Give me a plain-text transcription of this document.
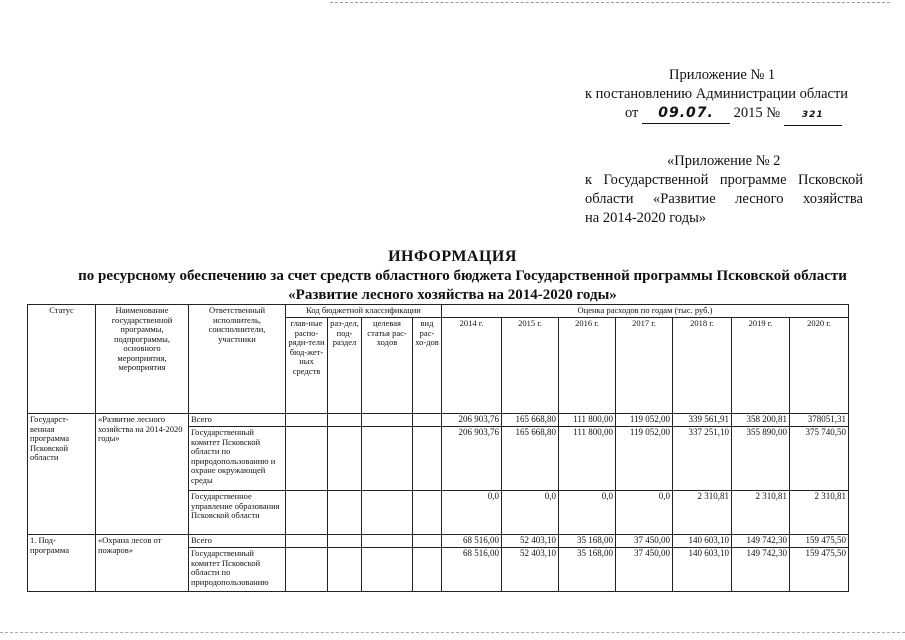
Приложение № 1
к постановлению Администрации области
от 09.07. 2015 № 321
«Приложение № 2
к Государственной программе Псковской
области «Развитие лесного хозяйства
на 2014-2020 годы»
ИНФОРМАЦИЯ
по ресурсному обеспечению за счет средств областного бюджета Государственной программы Псковской области
«Развитие лесного хозяйства на 2014-2020 годы»
Статус	Наименование государственной программы, подпрограммы, основного мероприятия, мероприятия	Ответственный исполнитель, соисполнители, участники	Код бюджетной классификации				Оценка расходов по годам (тыс. руб.)						
			глав-ные распо-ряди-тели бюд-жет-ных средств	раз-дел, под-раздел	целевая статья рас-ходов	вид рас-хо-дов	2014 г.	2015 г.	2016 г.	2017 г.	2018 г.	2019 г.	2020 г.
Государст-венная программа Псковской области	«Развитие лесного хозяйства на 2014-2020 годы»	Всего					206 903,76	165 668,80	111 800,00	119 052,00	339 561,91	358 200,81	378051,31
		Государственный комитет Псковской области по природопользованию и охране окружающей среды					206 903,76	165 668,80	111 800,00	119 052,00	337 251,10	355 890,00	375 740,50
		Государственное управление образования Псковской области					0,0	0,0	0,0	0,0	2 310,81	2 310,81	2 310,81
1. Под-программа	«Охрана лесов от пожаров»	Всего					68 516,00	52 403,10	35 168,00	37 450,00	140 603,10	149 742,30	159 475,50
		Государственный комитет Псковской области по природопользованию					68 516,00	52 403,10	35 168,00	37 450,00	140 603,10	149 742,30	159 475,50
